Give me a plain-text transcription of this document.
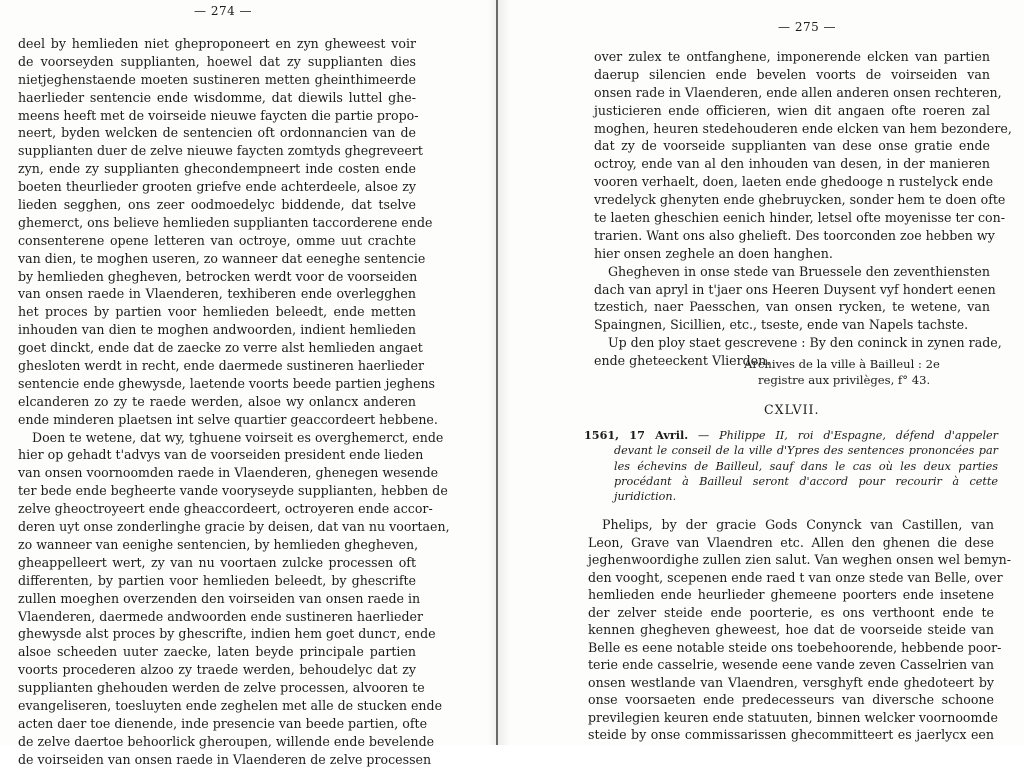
— 274 —
deel by hemlieden niet gheproponeert en zyn gheweest voir
de voorseyden supplianten, hoewel dat zy supplianten dies
nietjeghenstaende moeten sustineren metten gheinthimeerde
haerlieder sentencie ende wisdomme, dat diewils luttel ghe-
meens heeft met de voirseide nieuwe faycten die partie propo-
neert, byden welcken de sentencien oft ordonnancien van de
supplianten duer de zelve nieuwe faycten zomtyds ghegreveert
zyn, ende zy supplianten ghecondempneert inde costen ende
boeten theurlieder grooten griefve ende achterdeele, alsoe zy
lieden segghen, ons zeer oodmoedelyc biddende, dat tselve
ghemerct, ons believe hemlieden supplianten taccorderene ende
consenterene opene letteren van octroye, omme uut crachte
van dien, te moghen useren, zo wanneer dat eeneghe sentencie
by hemlieden ghegheven, betrocken werdt voor de voorseiden
van onsen raede in Vlaenderen, texhiberen ende overlegghen
het proces by partien voor hemlieden beleedt, ende metten
inhouden van dien te moghen andwoorden, indient hemlieden
goet dinckt, ende dat de zaecke zo verre alst hemlieden angaet
ghesloten werdt in recht, ende daermede sustineren haerlieder
sentencie ende ghewysde, laetende voorts beede partien jeghens
elcanderen zo zy te raede werden, alsoe wy onlancx anderen
ende minderen plaetsen int selve quartier geaccordeert hebbene.
Doen te wetene, dat wy, tghuene voirseit es overghemerct, ende
hier op gehadt t'advys van de voorseiden president ende lieden
van onsen voornoomden raede in Vlaenderen, ghenegen wesende
ter bede ende begheerte vande vooryseyde supplianten, hebben de
zelve gheoctroyeert ende gheaccordeert, octroyeren ende accor-
deren uyt onse zonderlinghe gracie by deisen, dat van nu voortaen,
zo wanneer van eenighe sentencien, by hemlieden ghegheven,
gheappelleert wert, zy van nu voortaen zulcke processen oft
differenten, by partien voor hemlieden beleedt, by ghescrifte
zullen moeghen overzenden den voirseiden van onsen raede in
Vlaenderen, daermede andwoorden ende sustineren haerlieder
ghewysde alst proces by ghescrifte, indien hem goet duncт, ende
alsoe scheeden uuter zaecke, laten beyde principale partien
voorts procederen alzoo zy traede werden, behoudelyc dat zy
supplianten ghehouden werden de zelve processen, alvooren te
evangeliseren, toesluyten ende zeghelen met alle de stucken ende
acten daer toe dienende, inde presencie van beede partien, ofte
de zelve daertoe behoorlick gheroupen, willende ende bevelende
de voirseiden van onsen raede in Vlaenderen de zelve processen
— 275 —
over zulex te ontfanghene, imponerende elcken van partien
daerup silencien ende bevelen voorts de voirseiden van
onsen rade in Vlaenderen, ende allen anderen onsen rechteren,
justicieren ende officieren, wien dit angaen ofte roeren zal
moghen, heuren stedehouderen ende elcken van hem bezondere,
dat zy de voorseide supplianten van dese onse gratie ende
octroy, ende van al den inhouden van desen, in der manieren
vooren verhaelt, doen, laeten ende ghedooge n rustelyck ende
vredelyck ghenyten ende ghebruycken, sonder hem te doen ofte
te laeten gheschien eenich hinder, letsel ofte moyenisse ter con-
trarien. Want ons also ghelieft. Des toorconden zoe hebben wy
hier onsen zeghele an doen hanghen.
Ghegheven in onse stede van Bruessele den zeventhiensten
dach van apryl in t'jaer ons Heeren Duysent vyf hondert eenen
tzestich, naer Paesschen, van onsen rycken, te wetene, van
Spaingnen, Sicillien, etc., tsestе, ende van Napels tachste.
Up den ploy staet gescrevene : By den coninck in zynen rade,
ende gheteeckent Vlierden.
Archives de la ville à Bailleul : 2e
registre aux privilèges, f° 43.
CXLVII.
1561, 17 Avril. — Philippe II, roi d'Espagne, défend d'appeler
devant le conseil de la ville d'Ypres des sentences prononcées par
les échevins de Bailleul, sauf dans le cas où les deux parties
procédant à Bailleul seront d'accord pour recourir à cette
juridiction.
Phelips, by der gracie Gods Conynck van Castillen, van
Leon, Grave van Vlaendren etc. Allen den ghenen die dese
jeghenwoordighe zullen zien salut. Van weghen onsen wel bemyn-
den vooght, scepenen ende raed t van onze stede van Belle, over
hemlieden ende heurlieder ghemeene poorters ende insetene
der zelver steide ende poorterie, es ons verthoont ende te
kennen ghegheven gheweest, hoe dat de voorseide steide van
Belle es eene notable steide ons toebehoorende, hebbende poor-
terie ende casselrie, wesende eene vande zeven Casselrien van
onsen westlande van Vlaendren, versghyft ende ghedoteert by
onse voorsaeten ende predecesseurs van diversche schoone
previlegien keuren ende statuuten, binnen welcker voornoomde
steide by onse commissarissen ghecommitteert es jaerlycx een
